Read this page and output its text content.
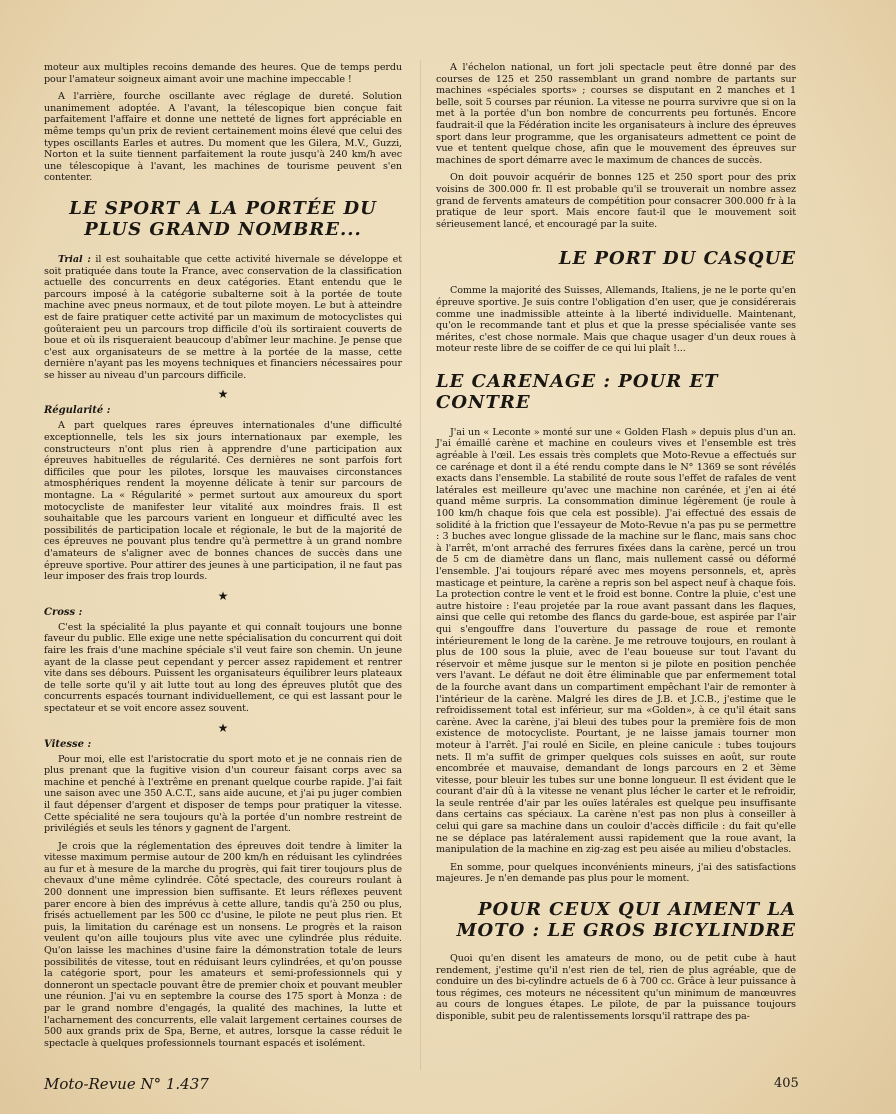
moteur aux multiples recoins demande des heures. Que de temps perdu pour l'amateur soigneux aimant avoir une machine impeccable !

A l'arrière, fourche oscillante avec réglage de dureté. Solution unanimement adoptée. A l'avant, la télescopique bien conçue fait parfaitement l'affaire et donne une netteté de lignes fort appréciable en même temps qu'un prix de revient certainement moins élevé que celui des types oscillants Earles et autres. Du moment que les Gilera, M.V., Guzzi, Norton et la suite tiennent parfaitement la route jusqu'à 240 km/h avec une télescopique à l'avant, les machines de tourisme peuvent s'en contenter.

LE SPORT A LA PORTÉE DU PLUS GRAND NOMBRE...

Trial : il est souhaitable que cette activité hivernale se développe et soit pratiquée dans toute la France, avec conservation de la classification actuelle des concurrents en deux catégories. Etant entendu que le parcours imposé à la catégorie subalterne soit à la portée de toute machine avec pneus normaux, et de tout pilote moyen. Le but à atteindre est de faire pratiquer cette activité par un maximum de motocyclistes qui goûteraient peu un parcours trop difficile d'où ils sortiraient couverts de boue et où ils risqueraient beaucoup d'abîmer leur machine. Je pense que c'est aux organisateurs de se mettre à la portée de la masse, cette dernière n'ayant pas les moyens techniques et financiers nécessaires pour se hisser au niveau d'un parcours difficile.

★
Régularité :

A part quelques rares épreuves internationales d'une difficulté exceptionnelle, tels les six jours internationaux par exemple, les constructeurs n'ont plus rien à apprendre d'une participation aux épreuves habituelles de régularité. Ces dernières ne sont parfois fort difficiles que pour les pilotes, lorsque les mauvaises circonstances atmosphériques rendent la moyenne délicate à tenir sur parcours de montagne. La « Régularité » permet surtout aux amoureux du sport motocycliste de manifester leur vitalité aux moindres frais. Il est souhaitable que les parcours varient en longueur et difficulté avec les possibilités de participation locale et régionale, le but de la majorité de ces épreuves ne pouvant plus tendre qu'à permettre à un grand nombre d'amateurs de s'aligner avec de bonnes chances de succès dans une épreuve sportive. Pour attirer des jeunes à une participation, il ne faut pas leur imposer des frais trop lourds.

★
Cross :

C'est la spécialité la plus payante et qui connaît toujours une bonne faveur du public. Elle exige une nette spécialisation du concurrent qui doit faire les frais d'une machine spéciale s'il veut faire son chemin. Un jeune ayant de la classe peut cependant y percer assez rapidement et rentrer vite dans ses débours. Puissent les organisateurs équilibrer leurs plateaux de telle sorte qu'il y ait lutte tout au long des épreuves plutôt que des concurrents espacés tournant individuellement, ce qui est lassant pour le spectateur et se voit encore assez souvent.

★
Vitesse :

Pour moi, elle est l'aristocratie du sport moto et je ne connais rien de plus prenant que la fugitive vision d'un coureur faisant corps avec sa machine et penché à l'extrême en prenant quelque courbe rapide. J'ai fait une saison avec une 350 A.C.T., sans aide aucune, et j'ai pu juger combien il faut dépenser d'argent et disposer de temps pour pratiquer la vitesse. Cette spécialité ne sera toujours qu'à la portée d'un nombre restreint de privilégiés et seuls les ténors y gagnent de l'argent.

Je crois que la réglementation des épreuves doit tendre à limiter la vitesse maximum permise autour de 200 km/h en réduisant les cylindrées au fur et à mesure de la marche du progrès, qui fait tirer toujours plus de chevaux d'une même cylindrée. Côté spectacle, des coureurs roulant à 200 donnent une impression bien suffisante. Et leurs réflexes peuvent parer encore à bien des imprévus à cette allure, tandis qu'à 250 ou plus, frisés actuellement par les 500 cc d'usine, le pilote ne peut plus rien. Et puis, la limitation du carénage est un nonsens. Le progrès et la raison veulent qu'on aille toujours plus vite avec une cylindrée plus réduite. Qu'on laisse les machines d'usine faire la démonstration totale de leurs possibilités de vitesse, tout en réduisant leurs cylindrées, et qu'on pousse la catégorie sport, pour les amateurs et semi-professionnels qui y donneront un spectacle pouvant être de premier choix et pouvant meubler une réunion. J'ai vu en septembre la course des 175 sport à Monza : de par le grand nombre d'engagés, la qualité des machines, la lutte et l'acharnement des concurrents, elle valait largement certaines courses de 500 aux grands prix de Spa, Berne, et autres, lorsque la casse réduit le spectacle à quelques professionnels tournant espacés et isolément.

A l'échelon national, un fort joli spectacle peut être donné par des courses de 125 et 250 rassemblant un grand nombre de partants sur machines «spéciales sports» ; courses se disputant en 2 manches et 1 belle, soit 5 courses par réunion. La vitesse ne pourra survivre que si on la met à la portée d'un bon nombre de concurrents peu fortunés. Encore faudrait-il que la Fédération incite les organisateurs à inclure des épreuves sport dans leur programme, que les organisateurs admettent ce point de vue et tentent quelque chose, afin que le mouvement des épreuves sur machines de sport démarre avec le maximum de chances de succès.

On doit pouvoir acquérir de bonnes 125 et 250 sport pour des prix voisins de 300.000 fr. Il est probable qu'il se trouverait un nombre assez grand de fervents amateurs de compétition pour consacrer 300.000 fr à la pratique de leur sport. Mais encore faut-il que le mouvement soit sérieusement lancé, et encouragé par la suite.

LE PORT DU CASQUE

Comme la majorité des Suisses, Allemands, Italiens, je ne le porte qu'en épreuve sportive. Je suis contre l'obligation d'en user, que je considérerais comme une inadmissible atteinte à la liberté individuelle. Maintenant, qu'on le recommande tant et plus et que la presse spécialisée vante ses mérites, c'est chose normale. Mais que chaque usager d'un deux roues à moteur reste libre de se coiffer de ce qui lui plaît !...

LE CARENAGE : POUR ET CONTRE

J'ai un « Leconte » monté sur une « Golden Flash » depuis plus d'un an. J'ai émaillé carène et machine en couleurs vives et l'ensemble est très agréable à l'œil. Les essais très complets que Moto-Revue a effectués sur ce carénage et dont il a été rendu compte dans le N° 1369 se sont révélés exacts dans l'ensemble. La stabilité de route sous l'effet de rafales de vent latérales est meilleure qu'avec une machine non carénée, et j'en ai été quand même surpris. La consommation diminue légèrement (je roule à 100 km/h chaque fois que cela est possible). J'ai effectué des essais de solidité à la friction que l'essayeur de Moto-Revue n'a pas pu se permettre : 3 buches avec longue glissade de la machine sur le flanc, mais sans choc à l'arrêt, m'ont arraché des ferrures fixées dans la carène, percé un trou de 5 cm de diamètre dans un flanc, mais nullement cassé ou déformé l'ensemble. J'ai toujours réparé avec mes moyens personnels, et, après masticage et peinture, la carène a repris son bel aspect neuf à chaque fois. La protection contre le vent et le froid est bonne. Contre la pluie, c'est une autre histoire : l'eau projetée par la roue avant passant dans les flaques, ainsi que celle qui retombe des flancs du garde-boue, est aspirée par l'air qui s'engouffre dans l'ouverture du passage de roue et remonte intérieurement le long de la carène. Je me retrouve toujours, en roulant à plus de 100 sous la pluie, avec de l'eau boueuse sur tout l'avant du réservoir et même jusque sur le menton si je pilote en position penchée vers l'avant. Le défaut ne doit être éliminable que par enfermement total de la fourche avant dans un compartiment empêchant l'air de remonter à l'intérieur de la carène. Malgré les dires de J.B. et J.C.B., j'estime que le refroidissement total est inférieur, sur ma «Golden», à ce qu'il était sans carène. Avec la carène, j'ai bleui des tubes pour la première fois de mon existence de motocycliste. Pourtant, je ne laisse jamais tourner mon moteur à l'arrêt. J'ai roulé en Sicile, en pleine canicule : tubes toujours nets. Il m'a suffit de grimper quelques cols suisses en août, sur route encombrée et mauvaise, demandant de longs parcours en 2 et 3ème vitesse, pour bleuir les tubes sur une bonne longueur. Il est évident que le courant d'air dû à la vitesse ne venant plus lécher le carter et le refroidir, la seule rentrée d'air par les ouïes latérales est quelque peu insuffisante dans certains cas spéciaux. La carène n'est pas non plus à conseiller à celui qui gare sa machine dans un couloir d'accès difficile : du fait qu'elle ne se déplace pas latéralement aussi rapidement que la roue avant, la manipulation de la machine en zig-zag est peu aisée au milieu d'obstacles.

En somme, pour quelques inconvénients mineurs, j'ai des satisfactions majeures. Je n'en demande pas plus pour le moment.

POUR CEUX QUI AIMENT LA MOTO : LE GROS BICYLINDRE

Quoi qu'en disent les amateurs de mono, ou de petit cube à haut rendement, j'estime qu'il n'est rien de tel, rien de plus agréable, que de conduire un des bi-cylindre actuels de 6 à 700 cc. Grâce à leur puissance à tous régimes, ces moteurs ne nécessitent qu'un minimum de manœuvres au cours de longues étapes. Le pilote, de par la puissance toujours disponible, subit peu de ralentissements lorsqu'il rattrape des pa-

Moto-Revue N° 1.437	405
